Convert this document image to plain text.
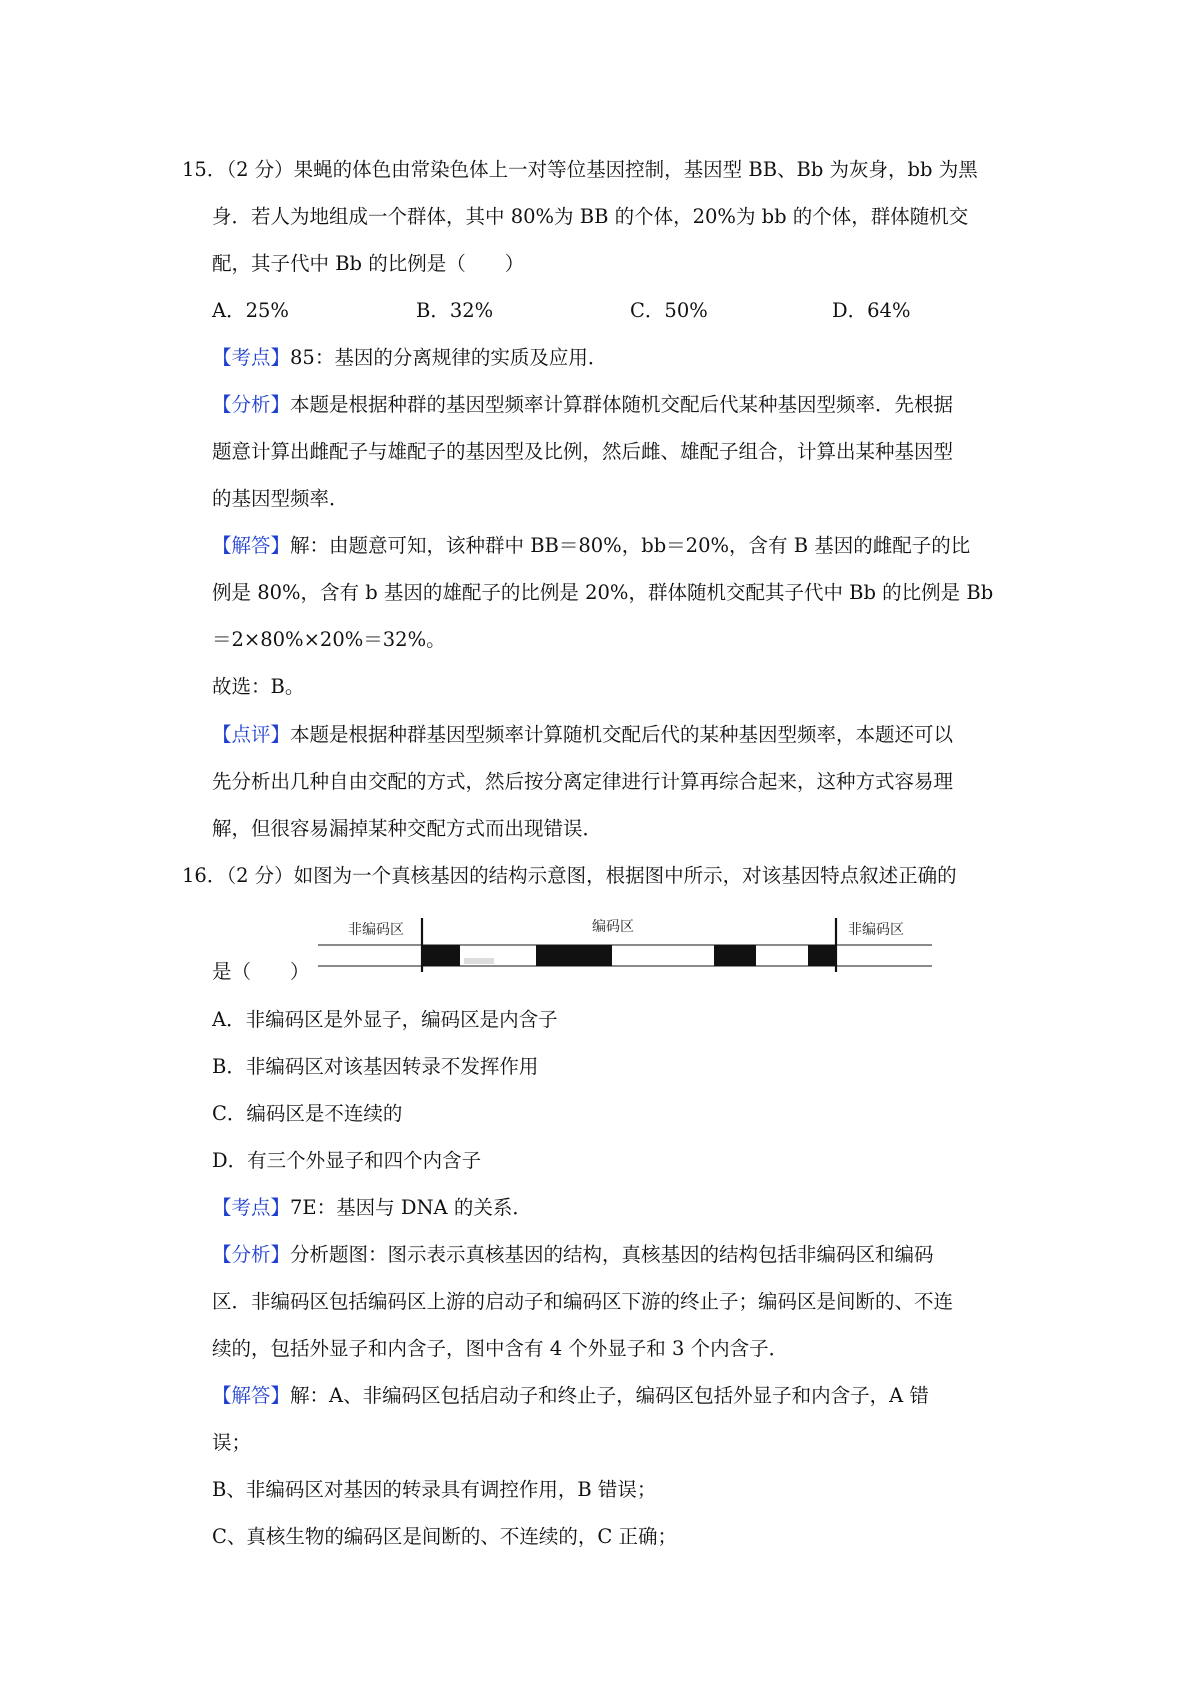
15．（2 分）果蝇的体色由常染色体上一对等位基因控制，基因型 BB、Bb 为灰身，bb 为黑
身．若人为地组成一个群体，其中 80%为 BB 的个体，20%为 bb 的个体，群体随机交
配，其子代中 Bb 的比例是（　　）
A．25%	B．32%	C．50%	D．64%
【考点】85：基因的分离规律的实质及应用．
【分析】本题是根据种群的基因型频率计算群体随机交配后代某种基因型频率．先根据
题意计算出雌配子与雄配子的基因型及比例，然后雌、雄配子组合，计算出某种基因型
的基因型频率．
【解答】解：由题意可知，该种群中 BB＝80%，bb＝20%，含有 B 基因的雌配子的比
例是 80%，含有 b 基因的雄配子的比例是 20%，群体随机交配其子代中 Bb 的比例是 Bb
＝2×80%×20%＝32%。
故选：B。
【点评】本题是根据种群基因型频率计算随机交配后代的某种基因型频率，本题还可以
先分析出几种自由交配的方式，然后按分离定律进行计算再综合起来，这种方式容易理
解，但很容易漏掉某种交配方式而出现错误．
16．（2 分）如图为一个真核基因的结构示意图，根据图中所示，对该基因特点叙述正确的
非编码区	编码区	非编码区
是（　　）
A．非编码区是外显子，编码区是内含子
B．非编码区对该基因转录不发挥作用
C．编码区是不连续的
D．有三个外显子和四个内含子
【考点】7E：基因与 DNA 的关系．
【分析】分析题图：图示表示真核基因的结构，真核基因的结构包括非编码区和编码
区．非编码区包括编码区上游的启动子和编码区下游的终止子；编码区是间断的、不连
续的，包括外显子和内含子，图中含有 4 个外显子和 3 个内含子．
【解答】解：A、非编码区包括启动子和终止子，编码区包括外显子和内含子，A 错
误；
B、非编码区对基因的转录具有调控作用，B 错误；
C、真核生物的编码区是间断的、不连续的，C 正确；
